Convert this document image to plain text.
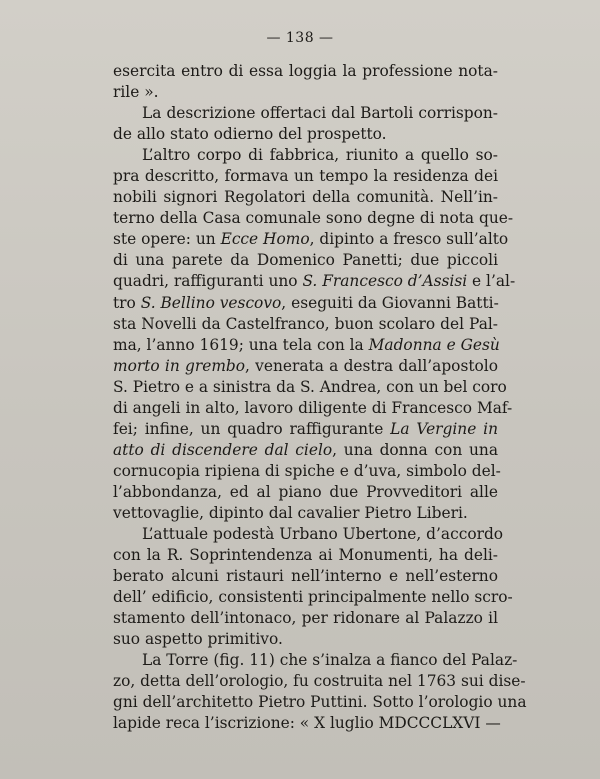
— 138 —
esercita entro di essa loggia la professione nota-
rile ».
La descrizione offertaci dal Bartoli corrispon-
de allo stato odierno del prospetto.
L’altro corpo di fabbrica, riunito a quello so-
pra descritto, formava un tempo la residenza dei
nobili signori Regolatori della comunità. Nell’in-
terno della Casa comunale sono degne di nota que-
ste opere: un Ecce Homo, dipinto a fresco sull’alto
di una parete da Domenico Panetti; due piccoli
quadri, raffiguranti uno S. Francesco d’Assisi e l’al-
tro S. Bellino vescovo, eseguiti da Giovanni Batti-
sta Novelli da Castelfranco, buon scolaro del Pal-
ma, l’anno 1619; una tela con la Madonna e Gesù
morto in grembo, venerata a destra dall’apostolo
S. Pietro e a sinistra da S. Andrea, con un bel coro
di angeli in alto, lavoro diligente di Francesco Maf-
fei; infine, un quadro raffigurante La Vergine in
atto di discendere dal cielo, una donna con una
cornucopia ripiena di spiche e d’uva, simbolo del-
l’abbondanza, ed al piano due Provveditori alle
vettovaglie, dipinto dal cavalier Pietro Liberi.
L’attuale podestà Urbano Ubertone, d’accordo
con la R. Soprintendenza ai Monumenti, ha deli-
berato alcuni ristauri nell’interno e nell’esterno
dell’ edificio, consistenti principalmente nello scro-
stamento dell’intonaco, per ridonare al Palazzo il
suo aspetto primitivo.
La Torre (fig. 11) che s’inalza a fianco del Palaz-
zo, detta dell’orologio, fu costruita nel 1763 sui dise-
gni dell’architetto Pietro Puttini. Sotto l’orologio una
lapide reca l’iscrizione: « X luglio MDCCCLXVI —
